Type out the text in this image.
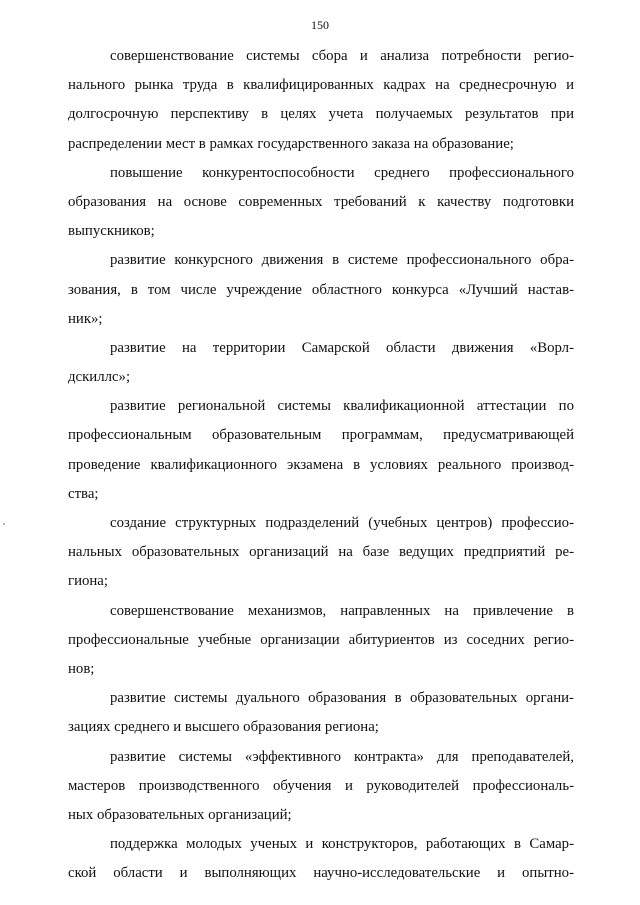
150
совершенствование системы сбора и анализа потребности регио-
нального рынка труда в квалифицированных кадрах на среднесрочную и
долгосрочную перспективу в целях учета получаемых результатов при
распределении мест в рамках государственного заказа на образование;
повышение конкурентоспособности среднего профессионального
образования на основе современных требований к качеству подготовки
выпускников;
развитие конкурсного движения в системе профессионального обра-
зования, в том числе учреждение областного конкурса «Лучший настав-
ник»;
развитие на территории Самарской области движения «Ворл-
дскиллс»;
развитие региональной системы квалификационной аттестации по
профессиональным образовательным программам, предусматривающей
проведение квалификационного экзамена в условиях реального производ-
ства;
создание структурных подразделений (учебных центров) профессио-
нальных образовательных организаций на базе ведущих предприятий ре-
гиона;
совершенствование механизмов, направленных на привлечение в
профессиональные учебные организации абитуриентов из соседних регио-
нов;
развитие системы дуального образования в образовательных органи-
зациях среднего и высшего образования региона;
развитие системы «эффективного контракта» для преподавателей,
мастеров производственного обучения и руководителей профессиональ-
ных образовательных организаций;
поддержка молодых ученых и конструкторов, работающих в Самар-
ской области и выполняющих научно-исследовательские и опытно-
